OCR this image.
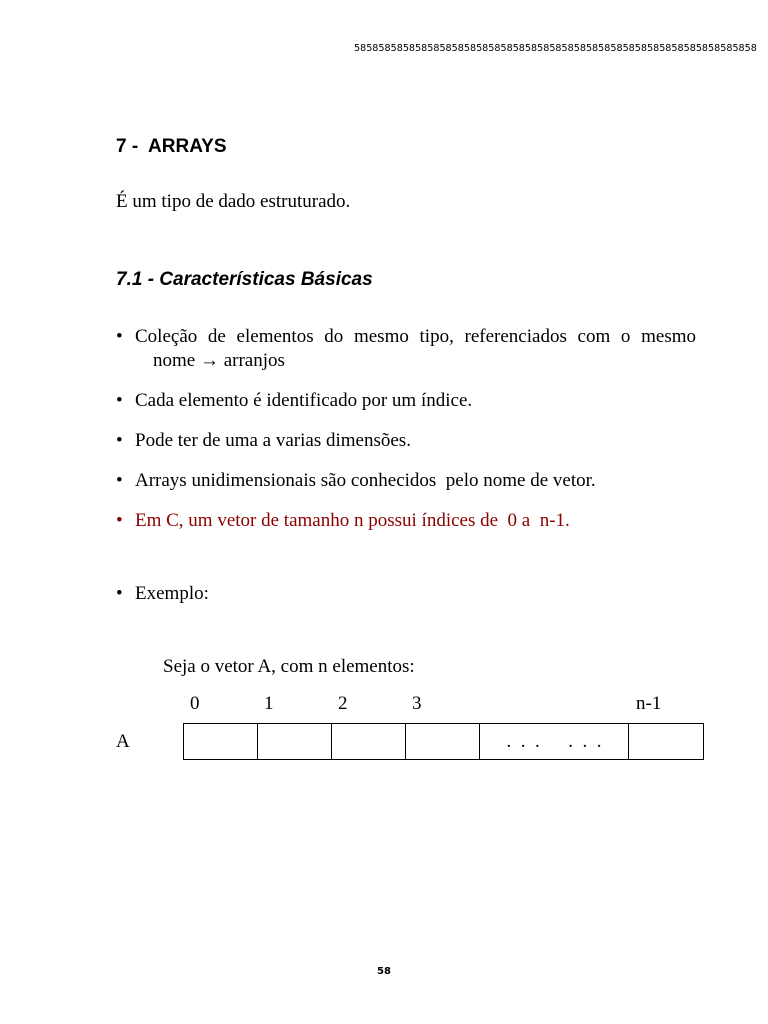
585858585858585858585858585858585858585858585858585858585858585858
7 -  ARRAYS
É um tipo de dado estruturado.
7.1 - Características Básicas
• Coleção de elementos do mesmo tipo, referenciados com o mesmo
nome → arranjos
• Cada elemento é identificado por um índice.
• Pode ter de uma a varias dimensões.
• Arrays unidimensionais são conhecidos  pelo nome de vetor.
• Em C, um vetor de tamanho n possui índices de  0 a  n-1.
• Exemplo:
Seja o vetor A, com n elementos:
0	1	2	3	n-1
A	.  .  .      .  .  .
58
